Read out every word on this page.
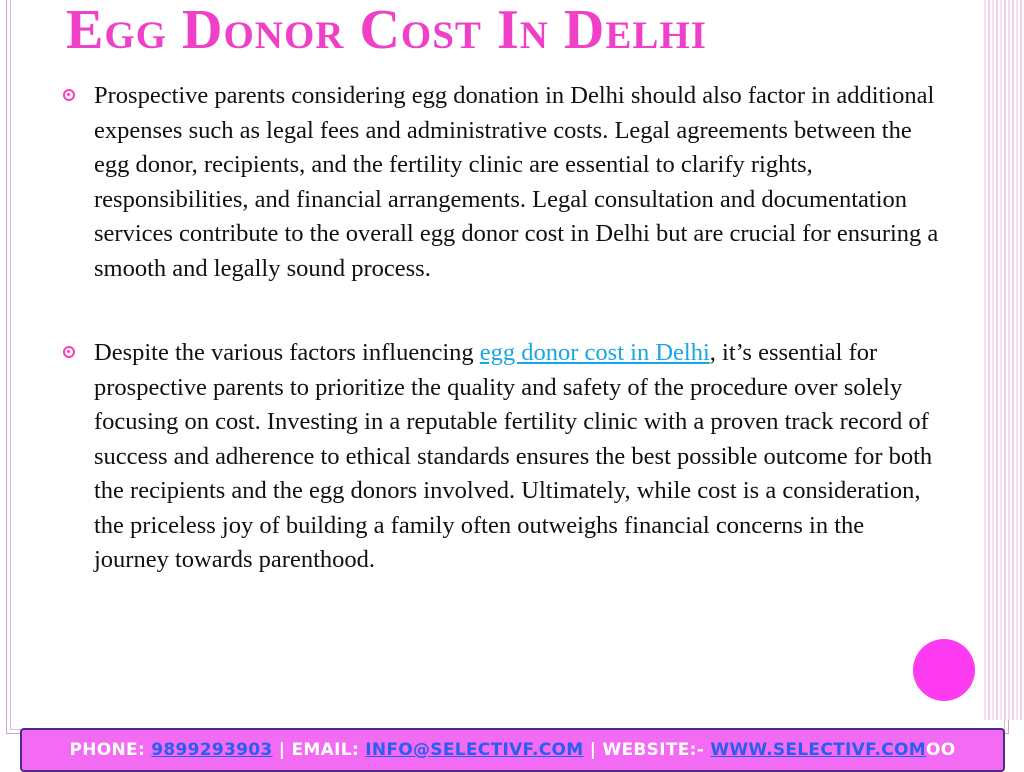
Egg Donor Cost In Delhi
Prospective parents considering egg donation in Delhi should also factor in additional expenses such as legal fees and administrative costs. Legal agreements between the egg donor, recipients, and the fertility clinic are essential to clarify rights, responsibilities, and financial arrangements. Legal consultation and documentation services contribute to the overall egg donor cost in Delhi but are crucial for ensuring a smooth and legally sound process.
Despite the various factors influencing egg donor cost in Delhi, it’s essential for prospective parents to prioritize the quality and safety of the procedure over solely focusing on cost. Investing in a reputable fertility clinic with a proven track record of success and adherence to ethical standards ensures the best possible outcome for both the recipients and the egg donors involved. Ultimately, while cost is a consideration, the priceless joy of building a family often outweighs financial concerns in the journey towards parenthood.
PHONE: 9899293903 | EMAIL: INFO@SELECTIVF.COM | WEBSITE:- WWW.SELECTIVF.COMOO
